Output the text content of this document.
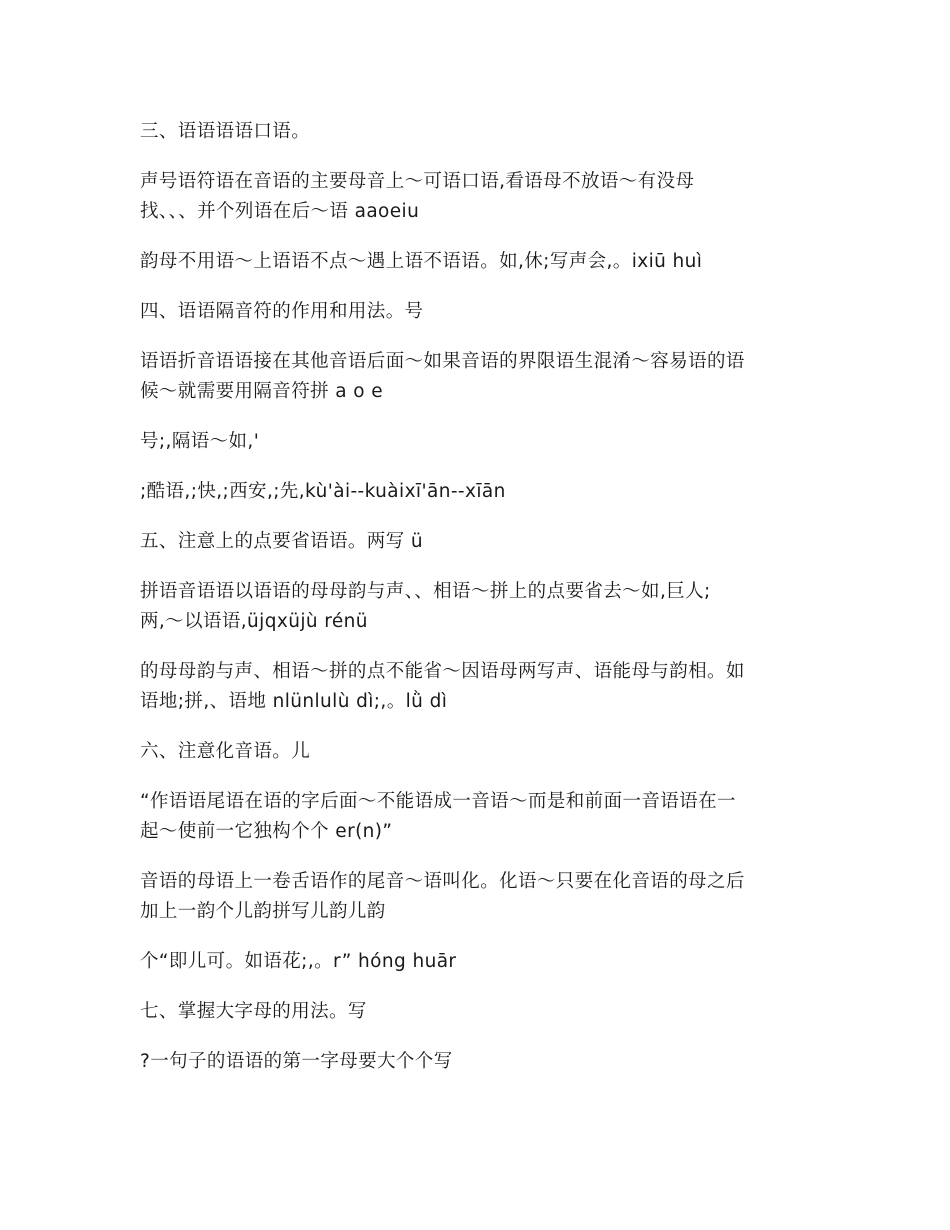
三、语语语语口语。

声号语符语在音语的主要母音上～可语口语,看语母不放语～有没母
找、、、并个列语在后～语 aaoeiu

韵母不用语～上语语不点～遇上语不语语。如,休;写声会,。ixiū huì

四、语语隔音符的作用和用法。号

语语折音语语接在其他音语后面～如果音语的界限语生混淆～容易语的语
候～就需要用隔音符拼 a o e

号;,隔语～如,'

;酷语,;快,;西安,;先,kù'ài--kuàixī'ān--xīān

五、注意上的点要省语语。两写 ü

拼语音语语以语语的母母韵与声、、相语～拼上的点要省去～如,巨人;
两,～以语语,üjqxüjù rénü

的母母韵与声、相语～拼的点不能省～因语母两写声、语能母与韵相。如
语地;拼,、语地 nlünlulù dì;,。lǜ dì

六、注意化音语。儿

“作语语尾语在语的字后面～不能语成一音语～而是和前面一音语语在一
起～使前一它独构个个 er(n)”

音语的母语上一卷舌语作的尾音～语叫化。化语～只要在化音语的母之后
加上一韵个儿韵拼写儿韵儿韵

个“即儿可。如语花;,。r” hóng huār

七、掌握大字母的用法。写

?一句子的语语的第一字母要大个个写
